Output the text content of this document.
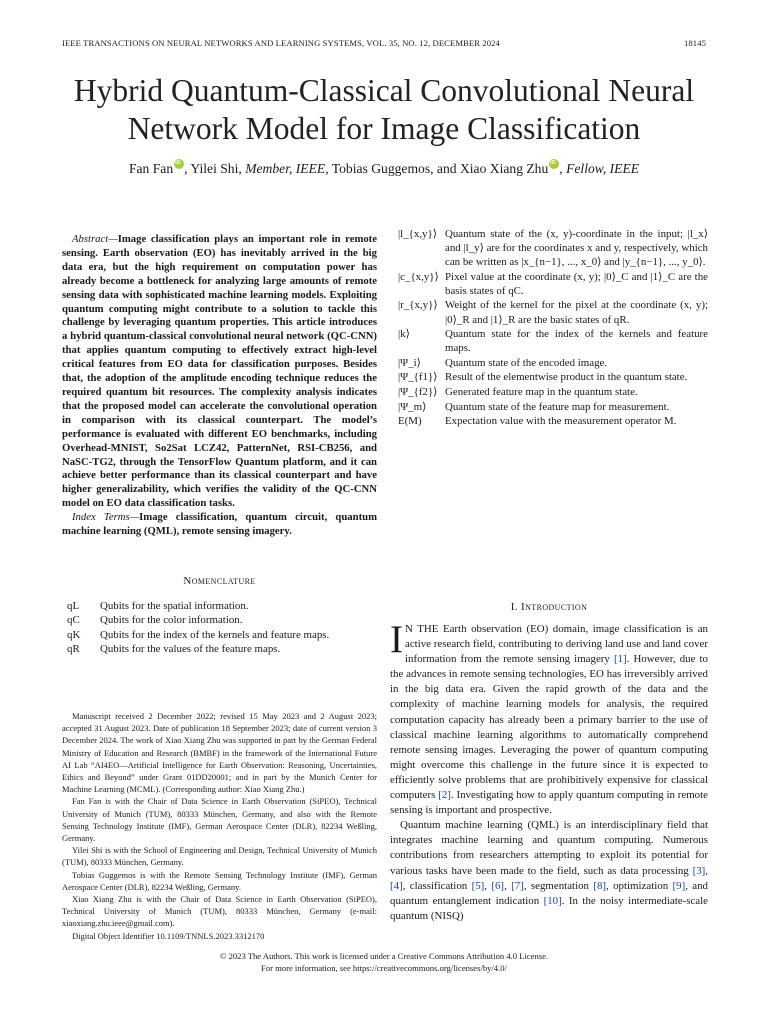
IEEE TRANSACTIONS ON NEURAL NETWORKS AND LEARNING SYSTEMS, VOL. 35, NO. 12, DECEMBER 2024	18145
Hybrid Quantum-Classical Convolutional Neural
Network Model for Image Classification
Fan Fan iD , Yilei Shi, Member, IEEE, Tobias Guggemos, and Xiao Xiang Zhu iD , Fellow, IEEE
Abstract—Image classification plays an important role in remote sensing. Earth observation (EO) has inevitably arrived in the big data era, but the high requirement on computation power has already become a bottleneck for analyzing large amounts of remote sensing data with sophisticated machine learning models. Exploiting quantum computing might contribute to a solution to tackle this challenge by leveraging quantum properties. This article introduces a hybrid quantum-classical convolutional neural network (QC-CNN) that applies quantum computing to effectively extract high-level critical features from EO data for classification purposes. Besides that, the adoption of the amplitude encoding technique reduces the required quantum bit resources. The complexity analysis indicates that the proposed model can accelerate the convolutional operation in comparison with its classical counterpart. The model’s performance is evaluated with different EO benchmarks, including Overhead-MNIST, So2Sat LCZ42, PatternNet, RSI-CB256, and NaSC-TG2, through the TensorFlow Quantum platform, and it can achieve better performance than its classical counterpart and have higher generalizability, which verifies the validity of the QC-CNN model on EO data classification tasks.
Index Terms—Image classification, quantum circuit, quantum machine learning (QML), remote sensing imagery.
Nomenclature
qL	Qubits for the spatial information.
qC	Qubits for the color information.
qK	Qubits for the index of the kernels and feature maps.
qR	Qubits for the values of the feature maps.

Manuscript received 2 December 2022; revised 15 May 2023 and 2 August 2023; accepted 31 August 2023. Date of publication 18 September 2023; date of current version 3 December 2024. The work of Xiao Xiang Zhu was supported in part by the German Federal Ministry of Education and Research (BMBF) in the framework of the International Future AI Lab “AI4EO—Artificial Intelligence for Earth Observation: Reasoning, Uncertainties, Ethics and Beyond” under Grant 01DD20001; and in part by the Munich Center for Machine Learning (MCML). (Corresponding author: Xiao Xiang Zhu.)

Fan Fan is with the Chair of Data Science in Earth Observation (SiPEO), Technical University of Munich (TUM), 80333 München, Germany, and also with the Remote Sensing Technology Institute (IMF), German Aerospace Center (DLR), 82234 Weßling, Germany.

Yilei Shi is with the School of Engineering and Design, Technical University of Munich (TUM), 80333 München, Germany.

Tobias Guggemos is with the Remote Sensing Technology Institute (IMF), German Aerospace Center (DLR), 82234 Weßling, Germany.

Xiao Xiang Zhu is with the Chair of Data Science in Earth Observation (SiPEO), Technical University of Munich (TUM), 80333 München, Germany (e-mail: xiaoxiang.zhu.ieee@gmail.com).

Digital Object Identifier 10.1109/TNNLS.2023.3312170

|l_{x,y}⟩ Quantum state of the (x, y)-coordinate in the input; |l_x⟩ and |l_y⟩ are for the coordinates x and y, respectively, which can be written as |x_{n−1}, ..., x_0⟩ and |y_{n−1}, ..., y_0⟩.
|c_{x,y}⟩ Pixel value at the coordinate (x, y); |0⟩_C and |1⟩_C are the basis states of qC.
|r_{x,y}⟩ Weight of the kernel for the pixel at the coordinate (x, y); |0⟩_R and |1⟩_R are the basic states of qR.
|k⟩	Quantum state for the index of the kernels and feature maps.
|Ψ_i⟩	Quantum state of the encoded image.
|Ψ_{f1}⟩ Result of the elementwise product in the quantum state.
|Ψ_{f2}⟩ Generated feature map in the quantum state.
|Ψ_m⟩	Quantum state of the feature map for measurement.
E(M)	Expectation value with the measurement operator M.
I. Introduction

I N THE Earth observation (EO) domain, image classification is an active research field, contributing to deriving land use and land cover information from the remote sensing imagery [1]. However, due to the advances in remote sensing technologies, EO has irreversibly arrived in the big data era. Given the rapid growth of the data and the complexity of machine learning models for analysis, the required computation capacity has already been a primary barrier to the use of classical machine learning algorithms to automatically comprehend remote sensing images. Leveraging the power of quantum computing might overcome this challenge in the future since it is expected to efficiently solve problems that are prohibitively expensive for classical computers [2]. Investigating how to apply quantum computing in remote sensing is important and prospective.

Quantum machine learning (QML) is an interdisciplinary field that integrates machine learning and quantum computing. Numerous contributions from researchers attempting to exploit its potential for various tasks have been made to the field, such as data processing [3], [4], classification [5], [6], [7], segmentation [8], optimization [9], and quantum entanglement indication [10]. In the noisy intermediate-scale quantum (NISQ)

© 2023 The Authors. This work is licensed under a Creative Commons Attribution 4.0 License.
For more information, see https://creativecommons.org/licenses/by/4.0/
